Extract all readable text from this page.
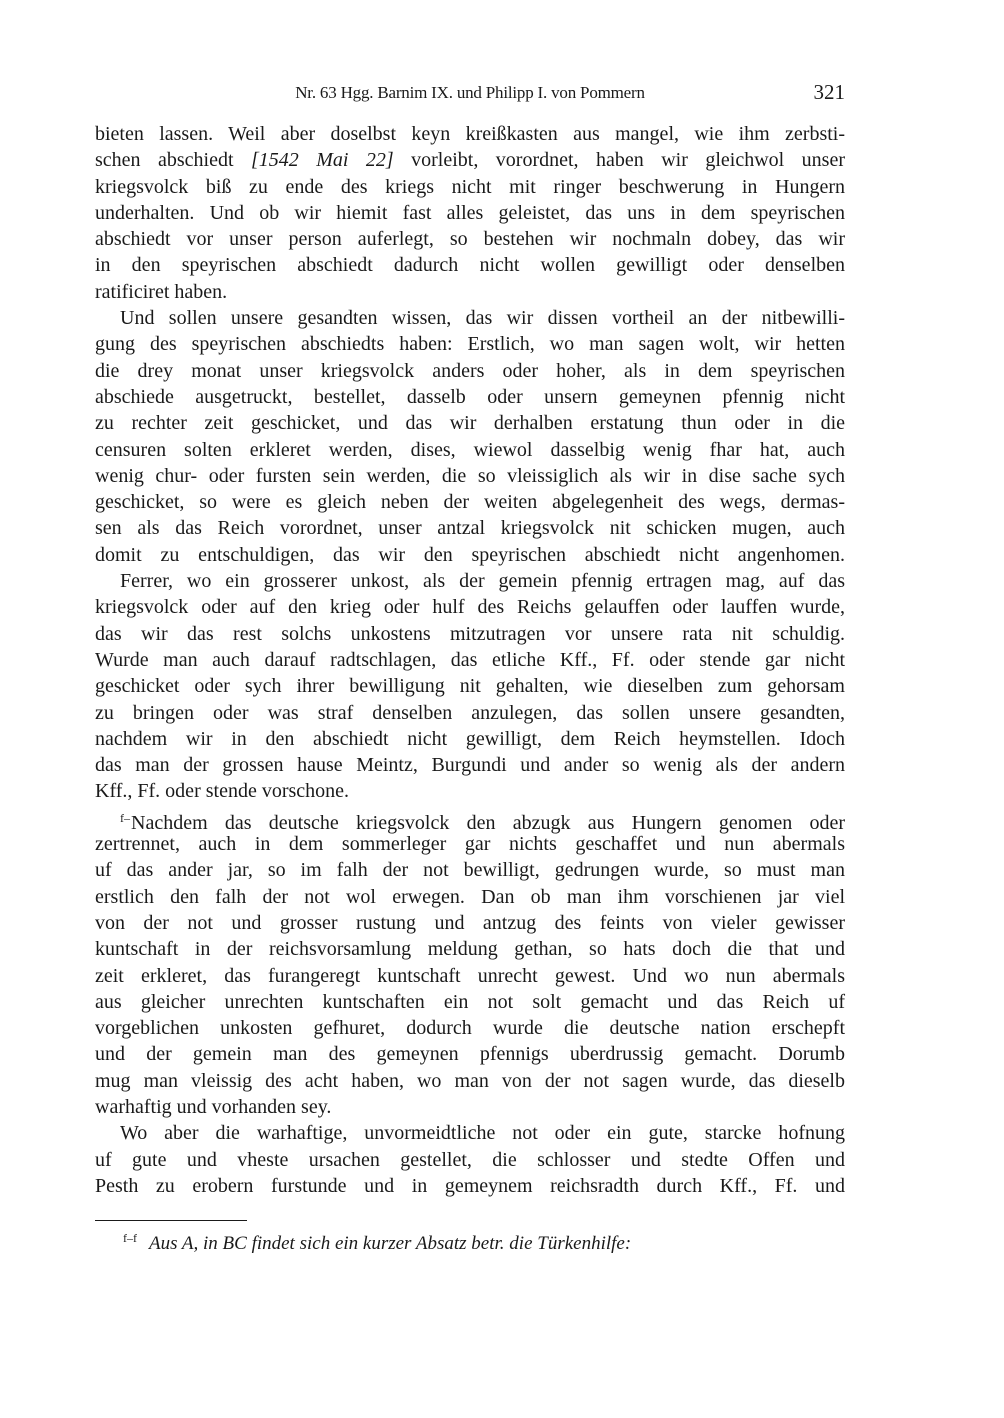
Nr. 63 Hgg. Barnim IX. und Philipp I. von Pommern	321
bieten lassen. Weil aber doselbst keyn kreißkasten aus mangel, wie ihm zerbsti-
schen abschiedt [1542 Mai 22] vorleibt, vorordnet, haben wir gleichwol unser
kriegsvolck biß zu ende des kriegs nicht mit ringer beschwerung in Hungern
underhalten. Und ob wir hiemit fast alles geleistet, das uns in dem speyrischen
abschiedt vor unser person auferlegt, so bestehen wir nochmaln dobey, das wir
in den speyrischen abschiedt dadurch nicht wollen gewilligt oder denselben
ratificiret haben.
Und sollen unsere gesandten wissen, das wir dissen vortheil an der nitbewilli-
gung des speyrischen abschiedts haben: Erstlich, wo man sagen wolt, wir hetten
die drey monat unser kriegsvolck anders oder hoher, als in dem speyrischen
abschiede ausgetruckt, bestellet, dasselb oder unsern gemeynen pfennig nicht
zu rechter zeit geschicket, und das wir derhalben erstatung thun oder in die
censuren solten erkleret werden, dises, wiewol dasselbig wenig fhar hat, auch
wenig chur- oder fursten sein werden, die so vleissiglich als wir in dise sache sych
geschicket, so were es gleich neben der weiten abgelegenheit des wegs, dermas-
sen als das Reich vorordnet, unser antzal kriegsvolck nit schicken mugen, auch
domit zu entschuldigen, das wir den speyrischen abschiedt nicht angenhomen.
Ferrer, wo ein grosserer unkost, als der gemein pfennig ertragen mag, auf das
kriegsvolck oder auf den krieg oder hulf des Reichs gelauffen oder lauffen wurde,
das wir das rest solchs unkostens mitzutragen vor unsere rata nit schuldig.
Wurde man auch darauf radtschlagen, das etliche Kff., Ff. oder stende gar nicht
geschicket oder sych ihrer bewilligung nit gehalten, wie dieselben zum gehorsam
zu bringen oder was straf denselben anzulegen, das sollen unsere gesandten,
nachdem wir in den abschiedt nicht gewilligt, dem Reich heymstellen. Idoch
das man der grossen hause Meintz, Burgundi und ander so wenig als der andern
Kff., Ff. oder stende vorschone.
$^{f-}$Nachdem das deutsche kriegsvolck den abzugk aus Hungern genomen oder
zertrennet, auch in dem sommerleger gar nichts geschaffet und nun abermals
uf das ander jar, so im falh der not bewilligt, gedrungen wurde, so must man
erstlich den falh der not wol erwegen. Dan ob man ihm vorschienen jar viel
von der not und grosser rustung und antzug des feints von vieler gewisser
kuntschaft in der reichsvorsamlung meldung gethan, so hats doch die that und
zeit erkleret, das furangeregt kuntschaft unrecht gewest. Und wo nun abermals
aus gleicher unrechten kuntschaften ein not solt gemacht und das Reich uf
vorgeblichen unkosten gefhuret, dodurch wurde die deutsche nation erschepft
und der gemein man des gemeynen pfennigs uberdrussig gemacht. Dorumb
mug man vleissig des acht haben, wo man von der not sagen wurde, das dieselb
warhaftig und vorhanden sey.
Wo aber die warhaftige, unvormeidtliche not oder ein gute, starcke hofnung
uf gute und vheste ursachen gestellet, die schlosser und stedte Offen und
Pesth zu erobern furstunde und in gemeynem reichsradth durch Kff., Ff. und
$^{f-f}$ Aus A, in BC findet sich ein kurzer Absatz betr. die Türkenhilfe:
